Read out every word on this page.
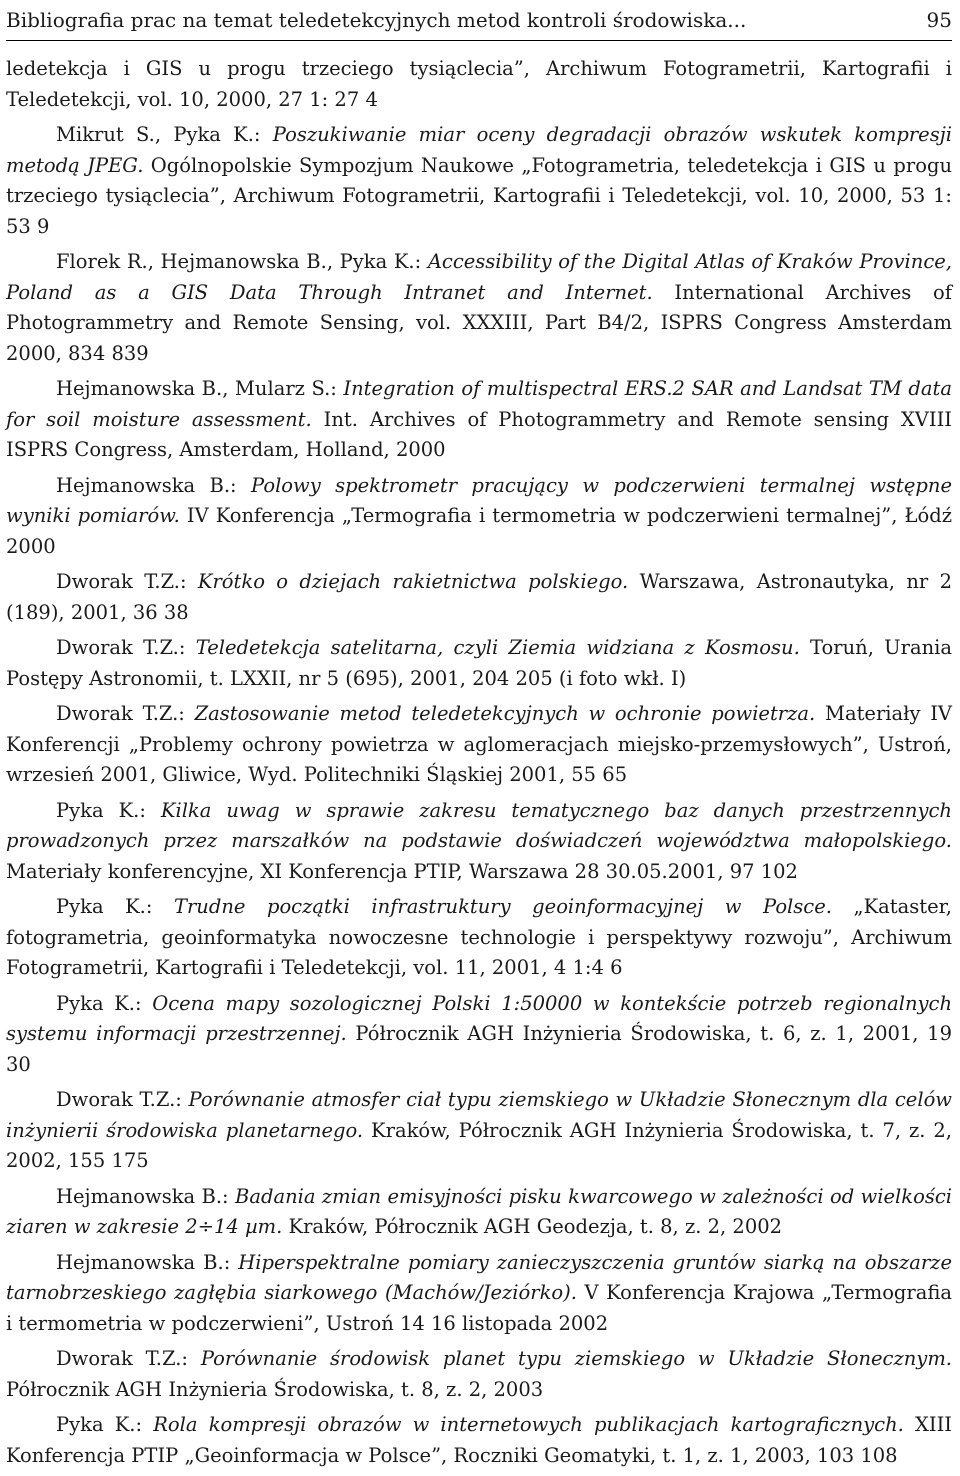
Bibliografia prac na temat teledetekcyjnych metod kontroli środowiska...	95

ledetekcja i GIS u progu trzeciego tysiąclecia”, Archiwum Fotogrametrii, Kartografii i Teledetekcji, vol. 10, 2000, 27 1: 27 4

Mikrut S., Pyka K.: Poszukiwanie miar oceny degradacji obrazów wskutek kompresji metodą JPEG. Ogólnopolskie Sympozjum Naukowe „Fotogrametria, teledetekcja i GIS u progu trzeciego tysiąclecia”, Archiwum Fotogrametrii, Kartografii i Teledetekcji, vol. 10, 2000, 53 1: 53 9

Florek R., Hejmanowska B., Pyka K.: Accessibility of the Digital Atlas of Kraków Province, Poland as a GIS Data Through Intranet and Internet. International Archives of Photogrammetry and Remote Sensing, vol. XXXIII, Part B4/2, ISPRS Congress Amsterdam 2000, 834 839

Hejmanowska B., Mularz S.: Integration of multispectral ERS.2 SAR and Landsat TM data for soil moisture assessment. Int. Archives of Photogrammetry and Remote sensing XVIII ISPRS Congress, Amsterdam, Holland, 2000

Hejmanowska B.: Polowy spektrometr pracujący w podczerwieni termalnej wstępne wyniki pomiarów. IV Konferencja „Termografia i termometria w podczerwieni termalnej”, Łódź 2000

Dworak T.Z.: Krótko o dziejach rakietnictwa polskiego. Warszawa, Astronautyka, nr 2 (189), 2001, 36 38

Dworak T.Z.: Teledetekcja satelitarna, czyli Ziemia widziana z Kosmosu. Toruń, Urania Postępy Astronomii, t. LXXII, nr 5 (695), 2001, 204 205 (i foto wkł. I)

Dworak T.Z.: Zastosowanie metod teledetekcyjnych w ochronie powietrza. Materiały IV Konferencji „Problemy ochrony powietrza w aglomeracjach miejsko-przemysłowych”, Ustroń, wrzesień 2001, Gliwice, Wyd. Politechniki Śląskiej 2001, 55 65

Pyka K.: Kilka uwag w sprawie zakresu tematycznego baz danych przestrzennych prowadzonych przez marszałków na podstawie doświadczeń województwa małopolskiego. Materiały konferencyjne, XI Konferencja PTIP, Warszawa 28 30.05.2001, 97 102

Pyka K.: Trudne początki infrastruktury geoinformacyjnej w Polsce. „Kataster, fotogrametria, geoinformatyka nowoczesne technologie i perspektywy rozwoju”, Archiwum Fotogrametrii, Kartografii i Teledetekcji, vol. 11, 2001, 4 1:4 6

Pyka K.: Ocena mapy sozologicznej Polski 1:50000 w kontekście potrzeb regionalnych systemu informacji przestrzennej. Półrocznik AGH Inżynieria Środowiska, t. 6, z. 1, 2001, 19 30

Dworak T.Z.: Porównanie atmosfer ciał typu ziemskiego w Układzie Słonecznym dla celów inżynierii środowiska planetarnego. Kraków, Półrocznik AGH Inżynieria Środowiska, t. 7, z. 2, 2002, 155 175

Hejmanowska B.: Badania zmian emisyjności pisku kwarcowego w zależności od wielkości ziaren w zakresie 2÷14 µm. Kraków, Półrocznik AGH Geodezja, t. 8, z. 2, 2002

Hejmanowska B.: Hiperspektralne pomiary zanieczyszczenia gruntów siarką na obszarze tarnobrzeskiego zagłębia siarkowego (Machów/Jeziórko). V Konferencja Krajowa „Termografia i termometria w podczerwieni”, Ustroń 14 16 listopada 2002

Dworak T.Z.: Porównanie środowisk planet typu ziemskiego w Układzie Słonecznym. Półrocznik AGH Inżynieria Środowiska, t. 8, z. 2, 2003

Pyka K.: Rola kompresji obrazów w internetowych publikacjach kartograficznych. XIII Konferencja PTIP „Geoinformacja w Polsce”, Roczniki Geomatyki, t. 1, z. 1, 2003, 103 108
